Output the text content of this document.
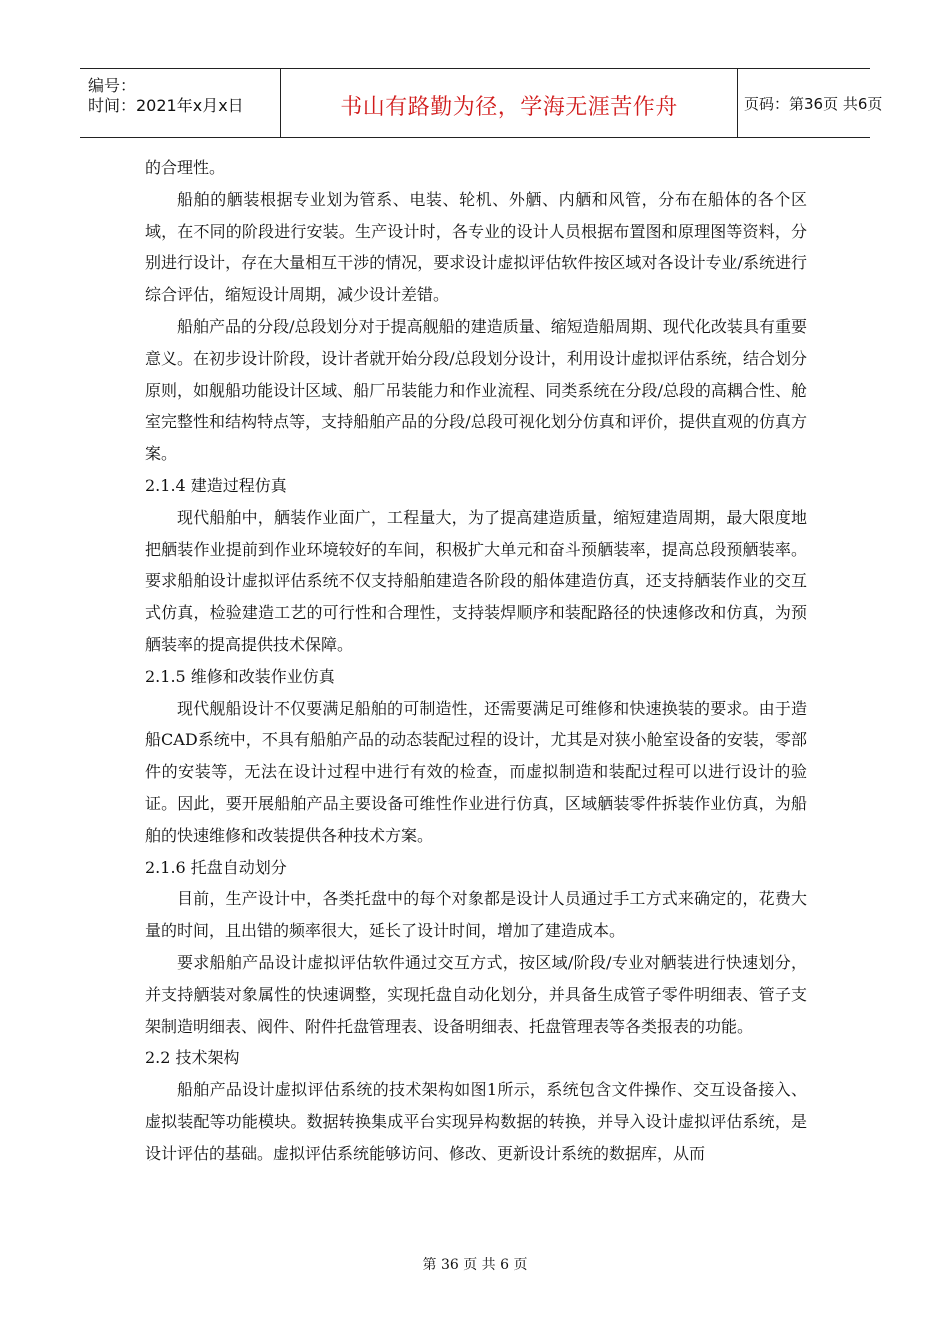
编号：
时间：2021年x月x日	书山有路勤为径，学海无涯苦作舟	页码：第36页 共6页

的合理性。

船舶的舾装根据专业划为管系、电装、轮机、外舾、内舾和风管，分布在船体的各个区域，在不同的阶段进行安装。生产设计时，各专业的设计人员根据布置图和原理图等资料，分别进行设计，存在大量相互干涉的情况，要求设计虚拟评估软件按区域对各设计专业/系统进行综合评估，缩短设计周期，减少设计差错。

船舶产品的分段/总段划分对于提高舰船的建造质量、缩短造船周期、现代化改装具有重要意义。在初步设计阶段，设计者就开始分段/总段划分设计，利用设计虚拟评估系统，结合划分原则，如舰船功能设计区域、船厂吊装能力和作业流程、同类系统在分段/总段的高耦合性、舱室完整性和结构特点等，支持船舶产品的分段/总段可视化划分仿真和评价，提供直观的仿真方案。

2.1.4 建造过程仿真

现代船舶中，舾装作业面广，工程量大，为了提高建造质量，缩短建造周期，最大限度地把舾装作业提前到作业环境较好的车间，积极扩大单元和奋斗预舾装率，提高总段预舾装率。要求船舶设计虚拟评估系统不仅支持船舶建造各阶段的船体建造仿真，还支持舾装作业的交互式仿真，检验建造工艺的可行性和合理性，支持装焊顺序和装配路径的快速修改和仿真，为预舾装率的提高提供技术保障。

2.1.5 维修和改装作业仿真

现代舰船设计不仅要满足船舶的可制造性，还需要满足可维修和快速换装的要求。由于造船CAD系统中，不具有船舶产品的动态装配过程的设计，尤其是对狭小舱室设备的安装，零部件的安装等，无法在设计过程中进行有效的检查，而虚拟制造和装配过程可以进行设计的验证。因此，要开展船舶产品主要设备可维性作业进行仿真，区域舾装零件拆装作业仿真，为船舶的快速维修和改装提供各种技术方案。

2.1.6 托盘自动划分

目前，生产设计中，各类托盘中的每个对象都是设计人员通过手工方式来确定的，花费大量的时间，且出错的频率很大，延长了设计时间，增加了建造成本。

要求船舶产品设计虚拟评估软件通过交互方式，按区域/阶段/专业对舾装进行快速划分，并支持舾装对象属性的快速调整，实现托盘自动化划分，并具备生成管子零件明细表、管子支架制造明细表、阀件、附件托盘管理表、设备明细表、托盘管理表等各类报表的功能。

2.2 技术架构

船舶产品设计虚拟评估系统的技术架构如图1所示，系统包含文件操作、交互设备接入、虚拟装配等功能模块。数据转换集成平台实现异构数据的转换，并导入设计虚拟评估系统，是设计评估的基础。虚拟评估系统能够访问、修改、更新设计系统的数据库，从而

第 36 页 共 6 页
